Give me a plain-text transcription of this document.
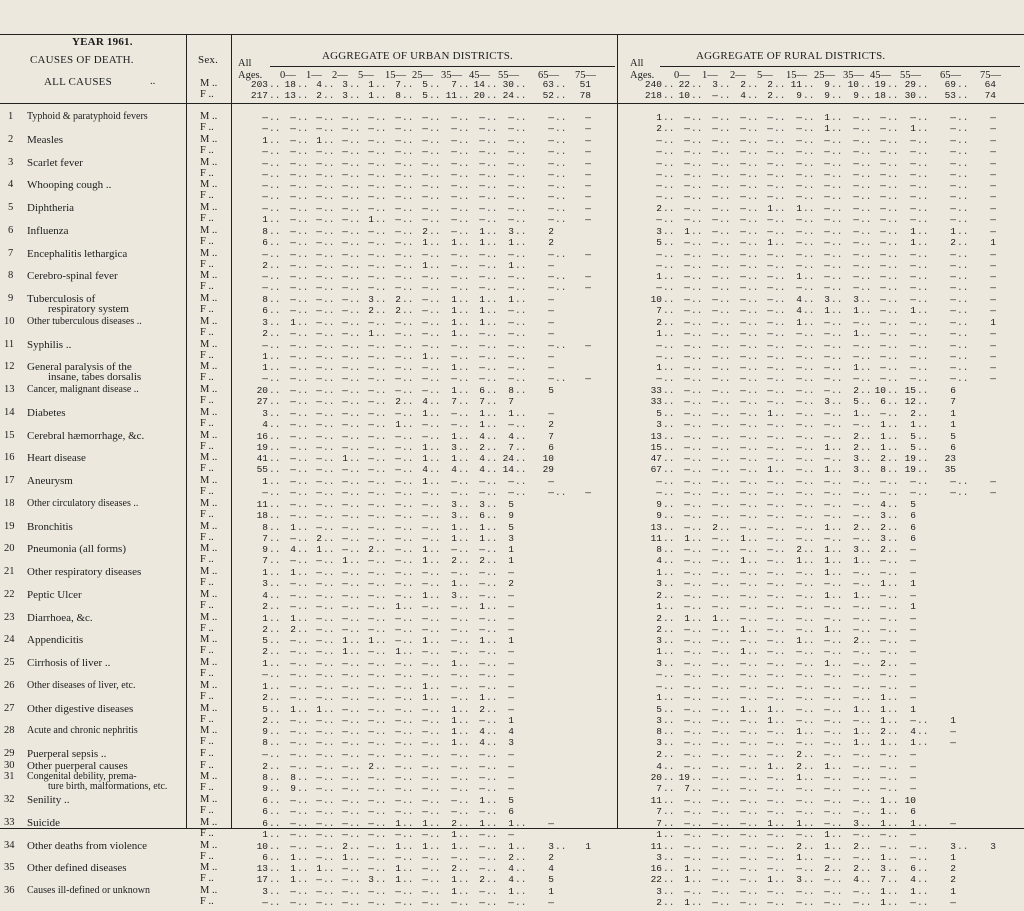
YEAR 1961.
CAUSES OF DEATH.
ALL CAUSES	..
Sex.	AGGREGATE OF URBAN DISTRICTS.	AGGREGATE OF RURAL DISTRICTS.
All	All
Ages.	Ages.
0—	0—
1—	1—
2—	2—
5—	5—
15—	15—
25—	25—
35—	35—
45—	45—
55—	55—
65—	65—
75—	75—
M ..	203 .. 18 .. 4 .. 3 .. 1 .. 7 .. 5 ..	7 .. 14 .. 30 ..	63 ..	51	240 .. 22 ..	3 ..	2 .. 2 .. 11 ..	9 .. 10 .. 19 .. 29 ..	69 ..	64
F ..	217 .. 13 .. 2 .. 3 .. 1 .. 8 .. 5 .. 11 .. 20 .. 24 ..	52 ..	78	218 .. 10 ..	— ..	4 .. 2 ..	9 ..	9 ..	9 .. 18 .. 30 ..	53 ..	74
1 Typhoid & paratyphoid fevers	M ..	— ..	— .. — .. — .. — .. — .. — ..	— ..	— ..	— ..	— ..	—	1 ..	— ..	— ..	— .. — ..	— ..	1 ..	— .. — ..	— ..	— ..	—
F ..	— ..	— .. — .. — .. — .. — .. — ..	— ..	— ..	— ..	— ..	—	2 ..	— ..	— ..	— .. — ..	— ..	1 ..	— .. — ..	1 ..	— ..	—
2 Measles	M ..	1 ..	— .. 1 .. — .. — .. — .. — ..	— ..	— ..	— ..	— ..	—	— ..	— ..	— ..	— .. — ..	— ..	— ..	— .. — ..	— ..	— ..	—
F ..	— ..	— .. — .. — .. — .. — .. — ..	— ..	— ..	— ..	— ..	—	— ..	— ..	— ..	— .. — ..	— ..	— ..	— .. — ..	— ..	— ..	—
3 Scarlet fever	M ..	— ..	— .. — .. — .. — .. — .. — ..	— ..	— ..	— ..	— ..	—	— ..	— ..	— ..	— .. — ..	— ..	— ..	— .. — ..	— ..	— ..	—
F ..	— ..	— .. — .. — .. — .. — .. — ..	— ..	— ..	— ..	— ..	—	— ..	— ..	— ..	— .. — ..	— ..	— ..	— .. — ..	— ..	— ..	—
4 Whooping cough ..	M ..	— ..	— .. — .. — .. — .. — .. — ..	— ..	— ..	— ..	— ..	—	— ..	— ..	— ..	— .. — ..	— ..	— ..	— .. — ..	— ..	— ..	—
F ..	— ..	— .. — .. — .. — .. — .. — ..	— ..	— ..	— ..	— ..	—	— ..	— ..	— ..	— .. — ..	— ..	— ..	— .. — ..	— ..	— ..	—
5 Diphtheria	M ..	— ..	— .. — .. — .. — .. — .. — ..	— ..	— ..	— ..	— ..	—	2 ..	— ..	— ..	— .. 1 ..	1 ..	— ..	— .. — ..	— ..	— ..	—
F ..	1 ..	— .. — .. — .. 1 .. — .. — ..	— ..	— ..	— ..	— ..	—	— ..	— ..	— ..	— .. — ..	— ..	— ..	— .. — ..	— ..	— ..	—
6 Influenza	M ..	8 ..	— .. — .. — .. — .. — .. 2 ..	— ..	1 ..	3 ..	2	3 ..	1 ..	— ..	— .. — ..	— ..	— ..	— .. — ..	1 ..	1 ..	—
F ..	6 ..	— .. — .. — .. — .. — .. 1 ..	1 ..	1 ..	1 ..	2	5 ..	— ..	— ..	— .. 1 ..	— ..	— ..	— .. — ..	1 ..	2 ..	1
7 Encephalitis lethargica	M ..	— ..	— .. — .. — .. — .. — .. — ..	— ..	— ..	— ..	— ..	—	— ..	— ..	— ..	— .. — ..	— ..	— ..	— .. — ..	— ..	— ..	—
F ..	2 ..	— .. — .. — .. — .. — .. 1 ..	— ..	— ..	1 ..	—	— ..	— ..	— ..	— .. — ..	— ..	— ..	— .. — ..	— ..	— ..	—
8 Cerebro-spinal fever	M ..	— ..	— .. — .. — .. — .. — .. — ..	— ..	— ..	— ..	— ..	—	1 ..	— ..	— ..	— .. — ..	1 ..	— ..	— .. — ..	— ..	— ..	—
F ..	— ..	— .. — .. — .. — .. — .. — ..	— ..	— ..	— ..	— ..	—	— ..	— ..	— ..	— .. — ..	— ..	— ..	— .. — ..	— ..	— ..	—
9 Tuberculosis of
respiratory system
M ..	8 ..	— .. — .. — .. 3 .. 2 .. — ..	1 ..	1 ..	1 ..	—	10 ..	— ..	— ..	— .. — ..	4 ..	3 ..	3 .. — ..	— ..	— ..	—
F ..	6 ..	— .. — .. — .. 2 .. 2 .. — ..	1 ..	1 ..	— ..	—	7 ..	— ..	— ..	— .. — ..	4 ..	1 ..	1 .. — ..	1 ..	— ..	—
10 Other tuberculous diseases ..	M ..	3 ..	1 .. — .. — .. — .. — .. — ..	1 ..	1 ..	— ..	—	2 ..	— ..	— ..	— .. — ..	1 ..	— ..	— .. — ..	— ..	— ..	1
F ..	2 ..	— .. — .. — .. 1 .. — .. — ..	1 ..	— ..	— ..	—	1 ..	— ..	— ..	— .. — ..	— ..	— ..	1 .. — ..	— ..	— ..	—
11 Syphilis ..	M ..	— ..	— .. — .. — .. — .. — .. — ..	— ..	— ..	— ..	— ..	—	— ..	— ..	— ..	— .. — ..	— ..	— ..	— .. — ..	— ..	— ..	—
F ..	1 ..	— .. — .. — .. — .. — .. 1 ..	— ..	— ..	— ..	—	— ..	— ..	— ..	— .. — ..	— ..	— ..	— .. — ..	— ..	— ..	—
12 General paralysis of the
insane, tabes dorsalis
M ..	1 ..	— .. — .. — .. — .. — .. — ..	1 ..	— ..	— ..	—	1 ..	— ..	— ..	— .. — ..	— ..	— ..	1 .. — ..	— ..	— ..	—
F ..	— ..	— .. — .. — .. — .. — .. — ..	— ..	— ..	— ..	— ..	—	— ..	— ..	— ..	— .. — ..	— ..	— ..	— .. — ..	— ..	— ..	—
13 Cancer, malignant disease ..	M ..	20 ..	— .. — .. — .. — .. — .. — ..	1 ..	6 ..	8 ..	5	33 ..	— ..	— ..	— .. — ..	— ..	— ..	2 .. 10 .. 15 ..	6
F ..	27 ..	— .. — .. — .. — .. 2 .. 4 ..	7 ..	7 ..	7	33 ..	— ..	— ..	— .. — ..	— ..	3 ..	5 .. 6 .. 12 ..	7
14 Diabetes	M ..	3 ..	— .. — .. — .. — .. — .. 1 ..	— ..	1 ..	1 ..	—	5 ..	— ..	— ..	— .. 1 ..	— ..	— ..	1 .. — ..	2 ..	1
F ..	4 ..	— .. — .. — .. — .. 1 .. — ..	— ..	1 ..	— ..	2	3 ..	— ..	— ..	— .. — ..	— ..	— ..	— .. 1 ..	1 ..	1
15 Cerebral hæmorrhage, &c.	M ..	16 ..	— .. — .. — .. — .. — .. — ..	1 ..	4 ..	4 ..	7	13 ..	— ..	— ..	— .. — ..	— ..	— ..	2 .. 1 ..	5 ..	5
F ..	19 ..	— .. — .. — .. — .. — .. 1 ..	3 ..	2 ..	7 ..	6	15 ..	— ..	— ..	— .. — ..	— ..	1 ..	2 .. 1 ..	5 ..	6
16 Heart disease	M ..	41 ..	— .. — .. 1 .. — .. — .. 1 ..	1 ..	4 .. 24 ..	10	47 ..	— ..	— ..	— .. — ..	— ..	— ..	3 .. 2 .. 19 ..	23
F ..	55 ..	— .. — .. — .. — .. — .. 4 ..	4 ..	4 .. 14 ..	29	67 ..	— ..	— ..	— .. 1 ..	— ..	1 ..	3 .. 8 .. 19 ..	35
17 Aneurysm	M ..	1 ..	— .. — .. — .. — .. — .. 1 ..	— ..	— ..	— ..	—	— ..	— ..	— ..	— .. — ..	— ..	— ..	— .. — ..	— ..	— ..	—
F ..	— ..	— .. — .. — .. — .. — .. — ..	— ..	— ..	— ..	— ..	—	— ..	— ..	— ..	— .. — ..	— ..	— ..	— .. — ..	— ..	— ..	—
18 Other circulatory diseases ..	M ..	11 ..	— .. — .. — .. — .. — .. — ..	3 ..	3 ..	5	9 ..	— ..	— ..	— .. — ..	— ..	— ..	— .. 4 ..	5
F ..	18 ..	— .. — .. — .. — .. — .. — ..	3 ..	6 ..	9	9 ..	— ..	— ..	— .. — ..	— ..	— ..	— .. 3 ..	6
19 Bronchitis	M ..	8 ..	1 .. — .. — .. — .. — .. — ..	1 ..	1 ..	5	13 ..	— ..	2 ..	— .. — ..	— ..	1 ..	2 .. 2 ..	6
F ..	7 ..	— .. 2 .. — .. — .. — .. — ..	1 ..	1 ..	3	11 ..	1 ..	— ..	1 .. — ..	— ..	— ..	— .. 3 ..	6
20 Pneumonia (all forms)	M ..	9 ..	4 .. 1 .. — .. 2 .. — .. 1 ..	— ..	— ..	1	8 ..	— ..	— ..	— .. — ..	2 ..	1 ..	3 .. 2 ..	—
F ..	7 ..	— .. — .. 1 .. — .. — .. 1 ..	2 ..	2 ..	1	4 ..	— ..	— ..	1 .. — ..	1 ..	1 ..	1 .. — ..	—
21 Other respiratory diseases	M ..	1 ..	1 .. — .. — .. — .. — .. — ..	— ..	— ..	—	1 ..	— ..	— ..	— .. — ..	— ..	1 ..	— .. — ..	—
F ..	3 ..	— .. — .. — .. — .. — .. — ..	1 ..	— ..	2	3 ..	— ..	— ..	— .. — ..	— ..	— ..	— .. 1 ..	1
22 Peptic Ulcer	M ..	4 ..	— .. — .. — .. — .. — .. 1 ..	3 ..	— ..	—	2 ..	— ..	— ..	— .. — ..	— ..	1 ..	1 .. — ..	—
F ..	2 ..	— .. — .. — .. — .. 1 .. — ..	— ..	1 ..	—	1 ..	— ..	— ..	— .. — ..	— ..	— ..	— .. — ..	1
23 Diarrhoea, &c.	M ..	1 ..	1 .. — .. — .. — .. — .. — ..	— ..	— ..	—	2 ..	1 ..	1 ..	— .. — ..	— ..	— ..	— .. — ..	—
F ..	2 ..	2 .. — .. — .. — .. — .. — ..	— ..	— ..	—	2 ..	— ..	— ..	1 .. — ..	— ..	1 ..	— .. — ..	—
24 Appendicitis	M ..	5 ..	— .. — .. 1 .. 1 .. — .. 1 ..	— ..	1 ..	1	3 ..	— ..	— ..	— .. — ..	1 ..	— ..	2 .. — ..	—
F ..	2 ..	— .. — .. 1 .. — .. 1 .. — ..	— ..	— ..	—	1 ..	— ..	— ..	1 .. — ..	— ..	— ..	— .. — ..	—
25 Cirrhosis of liver ..	M ..	1 ..	— .. — .. — .. — .. — .. — ..	1 ..	— ..	—	3 ..	— ..	— ..	— .. — ..	— ..	1 ..	— .. 2 ..	—
F ..	— ..	— .. — .. — .. — .. — .. — ..	— ..	— ..	—	— ..	— ..	— ..	— .. — ..	— ..	— ..	— .. — ..	—
26 Other diseases of liver, etc.	M ..	1 ..	— .. — .. — .. — .. — .. 1 ..	— ..	— ..	—	— ..	— ..	— ..	— .. — ..	— ..	— ..	— .. — ..	—
F ..	2 ..	— .. — .. — .. — .. — .. 1 ..	— ..	1 ..	—	1 ..	— ..	— ..	— .. — ..	— ..	— ..	— .. 1 ..	—
27 Other digestive diseases	M ..	5 ..	1 .. 1 .. — .. — .. — .. — ..	1 ..	2 ..	—	5 ..	— ..	— ..	1 .. 1 ..	— ..	— ..	1 .. 1 ..	1
F ..	2 ..	— .. — .. — .. — .. — .. — ..	1 ..	— ..	1	3 ..	— ..	— ..	— .. 1 ..	— ..	— ..	— .. 1 ..	— ..	1
28 Acute and chronic nephritis	M ..	9 ..	— .. — .. — .. — .. — .. — ..	1 ..	4 ..	4	8 ..	— ..	— ..	— .. — ..	1 ..	— ..	1 .. 2 ..	4 ..	—
F ..	8 ..	— .. — .. — .. — .. — .. — ..	1 ..	4 ..	3	3 ..	— ..	— ..	— .. — ..	— ..	— ..	1 .. 1 ..	1 ..	—
29 Puerperal sepsis ..	F ..	— ..	— .. — .. — .. — .. — .. — ..	— ..	— ..	—	2 ..	— ..	— ..	— .. — ..	2 ..	— ..	— .. — ..	—
30 Other puerperal causes	F ..	2 ..	— .. — .. — .. 2 .. — .. — ..	— ..	— ..	—	4 ..	— ..	— ..	— .. 1 ..	2 ..	1 ..	— .. — ..	—
31 Congenital debility, prema-
ture birth, malformations, etc.
M ..	8 ..	8 .. — .. — .. — .. — .. — ..	— ..	— ..	—	20 .. 19 ..	— ..	— .. — ..	1 ..	— ..	— .. — ..	—
F ..	9 ..	9 .. — .. — .. — .. — .. — ..	— ..	— ..	—	7 ..	7 ..	— ..	— .. — ..	— ..	— ..	— .. — ..	—
32 Senility ..	M ..	6 ..	— .. — .. — .. — .. — .. — ..	— ..	1 ..	5	11 ..	— ..	— ..	— .. — ..	— ..	— ..	— .. 1 .. 10
F ..	6 ..	— .. — .. — .. — .. — .. — ..	— ..	— ..	6	7 ..	— ..	— ..	— .. — ..	— ..	— ..	— .. 1 ..	6
33 Suicide	M ..	6 ..	— .. — .. — .. — .. 1 .. 1 ..	2 ..	1 ..	1 ..	—	7 ..	— ..	— ..	— .. 1 ..	1 ..	— ..	3 .. 1 ..	1 ..	—
F ..	1 ..	— .. — .. — .. — .. — .. — ..	1 ..	— ..	—	1 ..	— ..	— ..	— .. — ..	— ..	1 ..	— .. — ..	—
34 Other deaths from violence	M ..	10 ..	— .. — .. 2 .. — .. 1 .. 1 ..	1 ..	— ..	1 ..	3 ..	1	11 ..	— ..	— ..	— .. — ..	2 ..	1 ..	2 .. — ..	— ..	3 ..	3
F ..	6 ..	1 .. — .. 1 .. — .. — .. — ..	— ..	— ..	2 ..	2	3 ..	— ..	— ..	— .. — ..	1 ..	— ..	— .. 1 ..	— ..	1
35 Other defined diseases	M ..	13 ..	1 .. 1 .. — .. — .. 1 .. — ..	2 ..	— ..	4 ..	4	16 ..	1 ..	— ..	— .. — ..	— ..	2 ..	2 .. 3 ..	6 ..	2
F ..	17 ..	1 .. — .. — .. 3 .. 1 .. — ..	1 ..	2 ..	4 ..	5	22 ..	1 ..	— ..	— .. 1 ..	3 ..	— ..	4 .. 7 ..	4 ..	2
36 Causes ill-defined or unknown	M ..	3 ..	— .. — .. — .. — .. — .. — ..	1 ..	— ..	1 ..	1	3 ..	— ..	— ..	— .. — ..	— ..	— ..	— .. 1 ..	1 ..	1
F ..	— ..	— .. — .. — .. — .. — .. — ..	— ..	— ..	— ..	—	2 ..	1 ..	— ..	— .. — ..	— ..	— ..	— .. 1 ..	— ..	—
